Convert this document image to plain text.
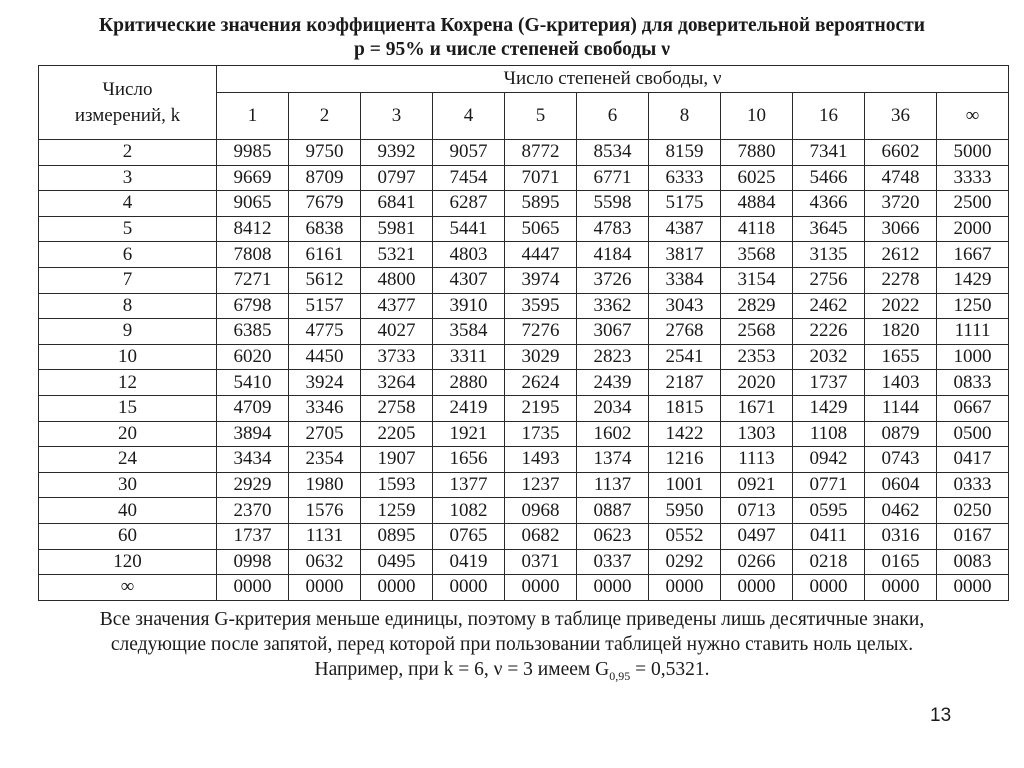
Критические значения коэффициента Кохрена (G-критерия) для доверительной вероятности
p = 95% и числе степеней свободы ν
Число измерений, k	Число степеней свободы, ν										
	1	2	3	4	5	6	8	10	16	36	∞
2	9985	9750	9392	9057	8772	8534	8159	7880	7341	6602	5000
3	9669	8709	0797	7454	7071	6771	6333	6025	5466	4748	3333
4	9065	7679	6841	6287	5895	5598	5175	4884	4366	3720	2500
5	8412	6838	5981	5441	5065	4783	4387	4118	3645	3066	2000
6	7808	6161	5321	4803	4447	4184	3817	3568	3135	2612	1667
7	7271	5612	4800	4307	3974	3726	3384	3154	2756	2278	1429
8	6798	5157	4377	3910	3595	3362	3043	2829	2462	2022	1250
9	6385	4775	4027	3584	7276	3067	2768	2568	2226	1820	1111
10	6020	4450	3733	3311	3029	2823	2541	2353	2032	1655	1000
12	5410	3924	3264	2880	2624	2439	2187	2020	1737	1403	0833
15	4709	3346	2758	2419	2195	2034	1815	1671	1429	1144	0667
20	3894	2705	2205	1921	1735	1602	1422	1303	1108	0879	0500
24	3434	2354	1907	1656	1493	1374	1216	1113	0942	0743	0417
30	2929	1980	1593	1377	1237	1137	1001	0921	0771	0604	0333
40	2370	1576	1259	1082	0968	0887	5950	0713	0595	0462	0250
60	1737	1131	0895	0765	0682	0623	0552	0497	0411	0316	0167
120	0998	0632	0495	0419	0371	0337	0292	0266	0218	0165	0083
∞	0000	0000	0000	0000	0000	0000	0000	0000	0000	0000	0000
Все значения G-критерия меньше единицы, поэтому в таблице приведены лишь десятичные знаки,
следующие после запятой, перед которой при пользовании таблицей нужно ставить ноль целых.
Например, при k = 6, ν = 3 имеем $G_{0,95} = 0,5321$.
13
